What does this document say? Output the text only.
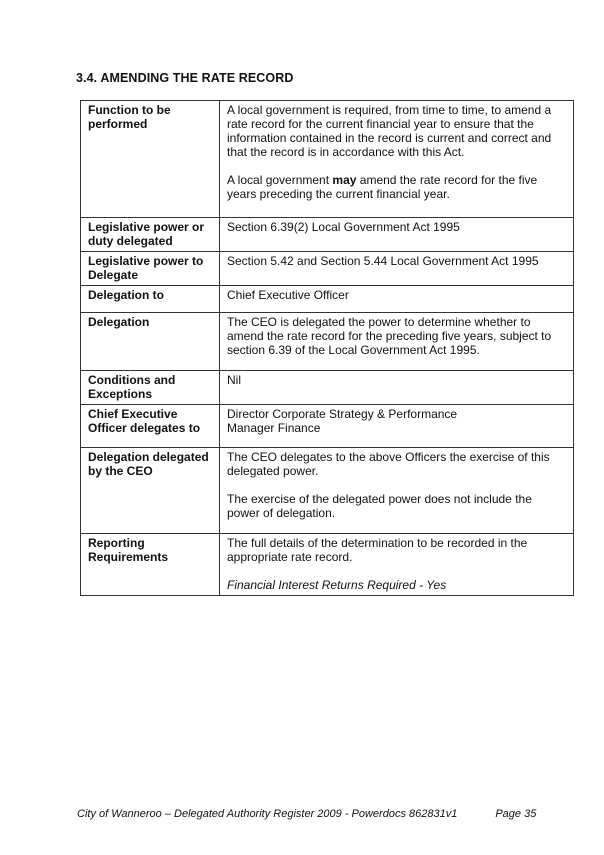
3.4. AMENDING THE RATE RECORD
Function to be performed	A local government is required, from time to time, to amend a rate record for the current financial year to ensure that the information contained in the record is current and correct and that the record is in accordance with this Act.

A local government may amend the rate record for the five years preceding the current financial year.

Legislative power or duty delegated	Section 6.39(2) Local Government Act 1995

Legislative power to Delegate	Section 5.42 and Section 5.44 Local Government Act 1995

Delegation to	Chief Executive Officer

Delegation	The CEO is delegated the power to determine whether to amend the rate record for the preceding five years, subject to section 6.39 of the Local Government Act 1995.

Conditions and Exceptions	Nil

Chief Executive Officer delegates to	Director Corporate Strategy & Performance
Manager Finance

Delegation delegated by the CEO	The CEO delegates to the above Officers the exercise of this delegated power.

The exercise of the delegated power does not include the power of delegation.

Reporting Requirements	The full details of the determination to be recorded in the appropriate rate record.

Financial Interest Returns Required - Yes

City of Wanneroo – Delegated Authority Register 2009 - Powerdocs 862831v1	Page 35
